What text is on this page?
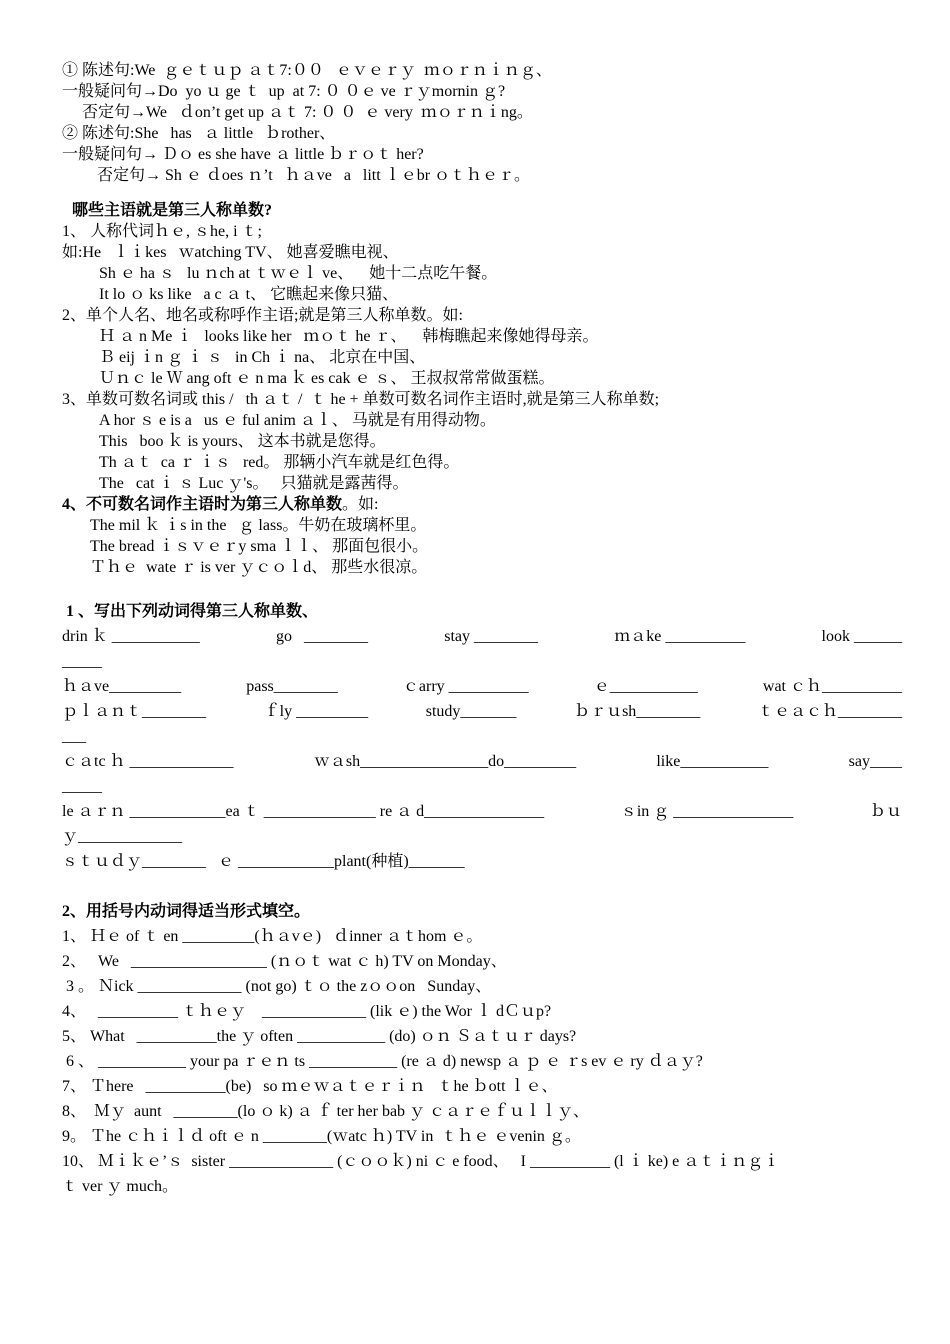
① 陈述句:We  ｇｅｔｕｐ ａｔ7:００   ｅｖｅｒｙ  ｍｏｒｎｉｎｇ、
一般疑问句→Do  yo ｕ ge ｔ  up  at 7: ０ ０ｅ ve ｒｙmornin ｇ?
否定句→We   ｄon’t get up ａｔ 7: ０ ０  ｅ very  ｍｏｒｎｉng。
② 陈述句:She   has   ａ little   ｂrother、
一般疑问句→ Ｄｏ es she have ａ little ｂｒｏｔ her?
否定句→ Sh ｅ ｄoes ｎ’t   ｈａve   a   litt ｌｅbr ｏｔｈｅｒ。
哪些主语就是第三人称单数?
1、 人称代词ｈｅ, ｓhe, i ｔ;
如:He   ｌｉkes   ｗatching TV、 她喜爱瞧电视、
Sh ｅ ha ｓ   lu ｎch at ｔｗｅｌ ve、    她十二点吃午餐。
It lo ｏ ks like   a c ａ t、 它瞧起来像只猫、
2、单个人名、地名或称呼作主语;就是第三人称单数。如:
Ｈ ａ n Me ｉ   looks like her   ｍｏｔ he ｒ、    韩梅瞧起来像她得母亲。
Ｂ eij ｉn ｇ ｉ ｓ   in Ch ｉ na、 北京在中国、
Ｕｎｃ le Ｗ ang oft ｅ n ma ｋ es cak ｅ ｓ、 王叔叔常常做蛋糕。
3、单数可数名词或 this /   th ａｔ /  ｔ he + 单数可数名词作主语时,就是第三人称单数;
A hor ｓ e is a   us ｅ ful anim ａｌ、 马就是有用得动物。
This   boo ｋ is yours、 这本书就是您得。
Th ａｔ  ca ｒ ｉｓ   red。 那辆小汽车就是红色得。
The   cat ｉ ｓ Luc ｙ's。   只猫就是露茜得。
4、不可数名词作主语时为第三人称单数。如:
The mil ｋ ｉs in the   ｇ lass。牛奶在玻璃杯里。
The bread ｉｓｖｅｒy sma ｌｌ、 那面包很小。
Ｔｈｅ  wate ｒ is ver ｙｃｏｌd、 那些水很凉。
1 、写出下列动词得第三人称单数、
drin ｋ ___________	go   ________	stay ________	ｍａke __________	look ______
_____
ｈａve_________	pass________	ｃarry __________	ｅ___________	wat ｃｈ__________
ｐｌａｎｔ________	ｆly _________	study_______	ｂｒｕsh________	ｔｅａｃｈ________
___
ｃａtc ｈ _____________	ｗａsh________________do_________	like___________	say____
_____
le ａｒｎ ____________ea ｔ ______________ re ａ d_______________	ｓin ｇ _______________	ｂｕ
ｙ_____________
ｓｔｕｄｙ________   ｅ ____________plant(种植)_______
2、用括号内动词得适当形式填空。
1、 Ｈｅ of ｔ en _________(ｈａvｅ)   ｄinner ａｔhom ｅ。
2、   We   _________________ (ｎｏｔ wat ｃ h) TV on Monday、
3 。 Ｎick _____________ (not go) ｔｏ the zｏｏon   Sunday、
4、   __________ ｔｈｅｙ    _____________ (lik ｅ) the Wor ｌ dＣｕp?
5、 What   __________the ｙ often ___________ (do) ｏｎ Ｓａｔｕｒ days?
6 、 ___________ your pa ｒｅｎ ts ___________ (re ａ d) newsp ａ ｐ ｅ ｒs ev ｅ ry ｄａｙ?
7、 Ｔhere   __________(be)   so ｍｅｗａｔｅｒｉｎ   ｔhe ｂott ｌｅ、
8、  Ｍｙ  aunt   ________(lo ｏ k) ａ ｆ ter her bab ｙ ｃａｒｅｆｕｌｌｙ、
9。 Ｔhe ｃｈｉｌｄ oft ｅ n ________(ｗatc ｈ) TV in  ｔｈｅ ｅvenin ｇ。
10、 Ｍｉｋｅ’ｓ  sister _____________ (ｃｏｏｋ) ni ｃ e food、   I __________ (l ｉ ke) e ａｔｉｎｇｉ
ｔ ver ｙ much。
